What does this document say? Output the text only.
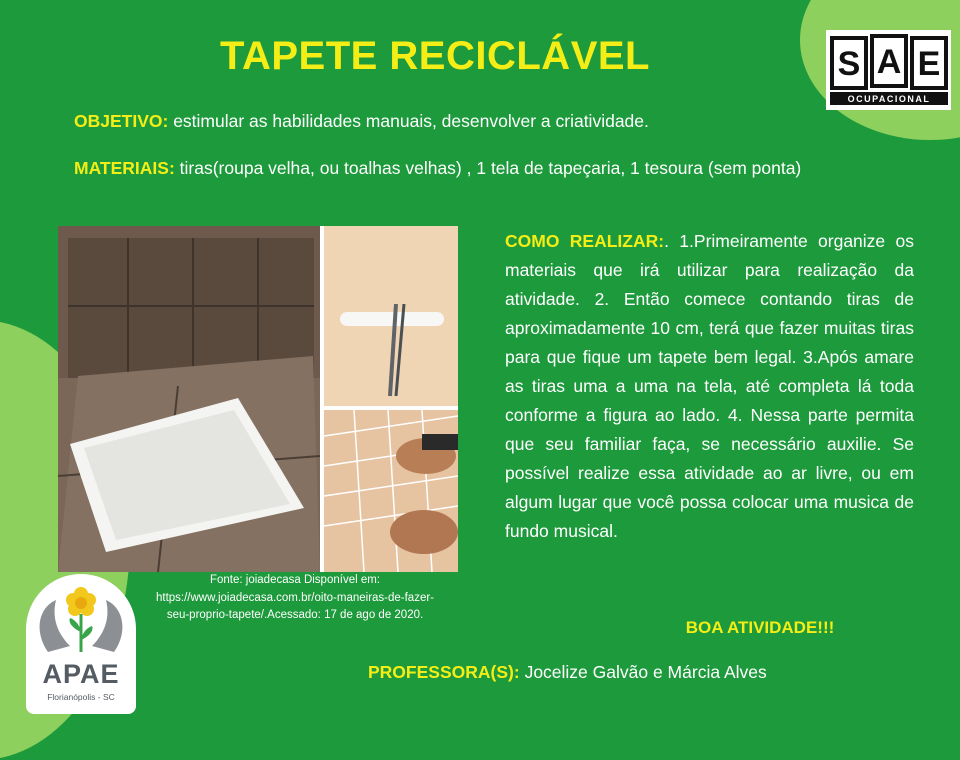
TAPETE RECICLÁVEL
OBJETIVO: estimular as habilidades manuais, desenvolver a criatividade.
MATERIAIS: tiras(roupa velha, ou toalhas velhas) , 1 tela de tapeçaria, 1 tesoura (sem ponta)
Fonte: joiadecasa Disponível em:
https://www.joiadecasa.com.br/oito-maneiras-de-fazer-seu-proprio-tapete/.Acessado: 17 de ago de 2020.
COMO REALIZAR:. 1.Primeiramente organize os materiais que irá utilizar para realização da atividade. 2. Então comece contando tiras de aproximadamente 10 cm, terá que fazer muitas tiras para que fique um tapete bem legal. 3.Após amare as tiras uma a uma na tela, até completa lá toda conforme a figura ao lado. 4. Nessa parte permita que seu familiar faça, se necessário auxilie. Se possível realize essa atividade ao ar livre, ou em algum lugar que você possa colocar uma musica de fundo musical.
BOA ATIVIDADE!!!
PROFESSORA(S): Jocelize Galvão e Márcia Alves
S A E
OCUPACIONAL
APAE
Florianópolis - SC
